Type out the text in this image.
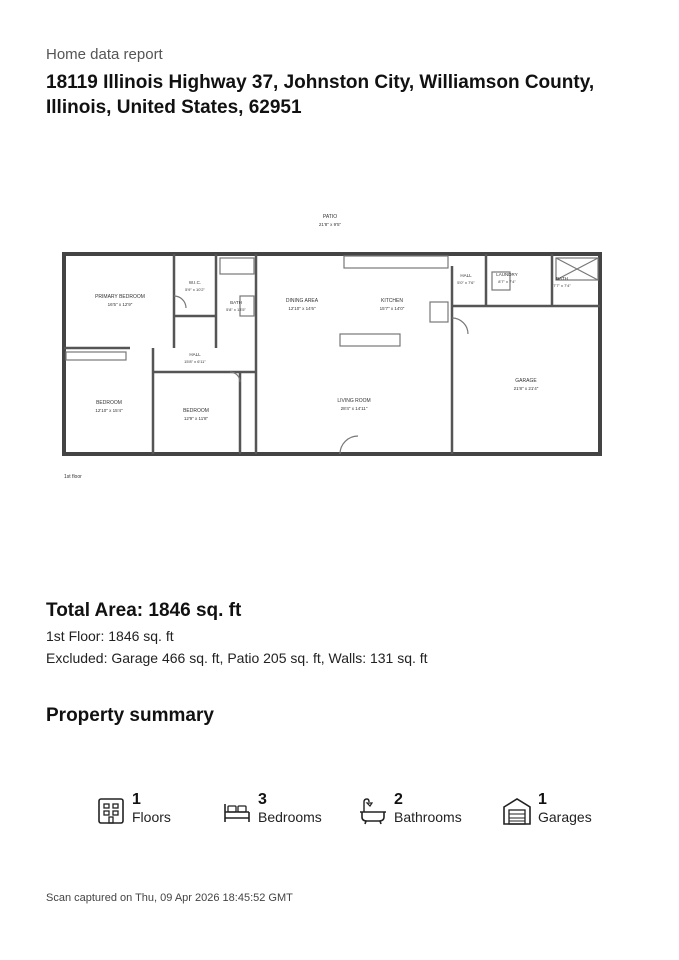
Home data report
18119 Illinois Highway 37, Johnston City, Williamson County, Illinois, United States, 62951
PATIO
21'8" x 9'5"
PRIMARY BEDROOM
16'5" x 12'9"
W.I.C.
5'9" x 10'2"
BATH
5'8" x 13'5"
DINING AREA
12'10" x 14'6"
KITCHEN
15'7" x 14'0"
HALL
5'0" x 7'6"
LAUNDRY
8'7" x 7'4"
BATH
7'7" x 7'4"
HALL
15'8" x 6'11"
BEDROOM
12'10" x 15'4"	BEDROOM
12'9" x 11'8"
LIVING ROOM
28'4" x 14'11"
GARAGE
21'8" x 21'4"
1st floor
Total Area: 1846 sq. ft
1st Floor: 1846 sq. ft
Excluded: Garage 466 sq. ft, Patio 205 sq. ft, Walls: 131 sq. ft
Property summary
1
Floors
3
Bedrooms
2
Bathrooms
1
Garages
Scan captured on Thu, 09 Apr 2026 18:45:52 GMT
